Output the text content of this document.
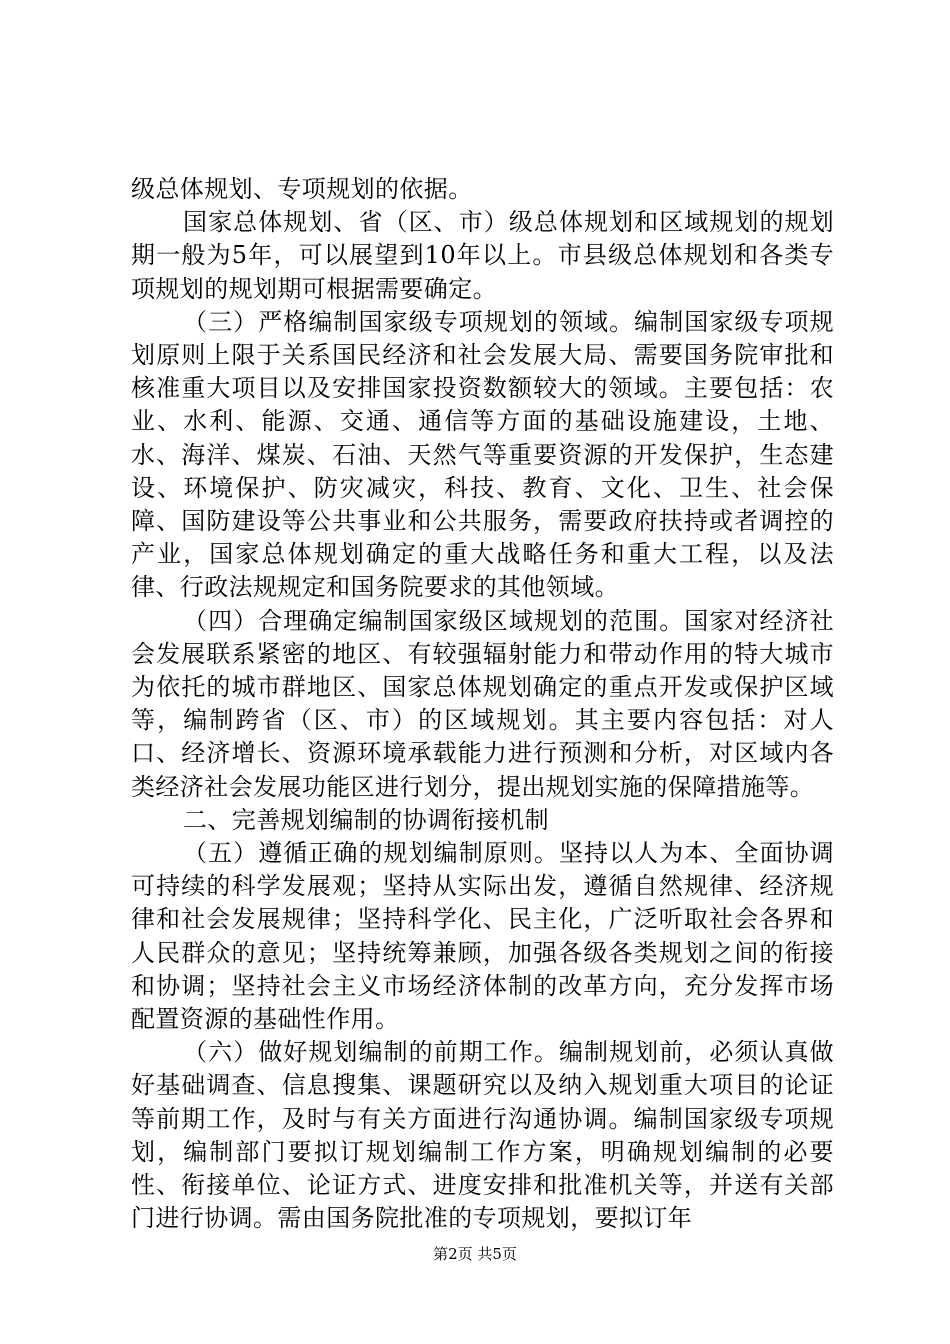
级总体规划、专项规划的依据。

国家总体规划、省（区、市）级总体规划和区域规划的规划期一般为5年，可以展望到10年以上。市县级总体规划和各类专项规划的规划期可根据需要确定。

（三）严格编制国家级专项规划的领域。编制国家级专项规划原则上限于关系国民经济和社会发展大局、需要国务院审批和核准重大项目以及安排国家投资数额较大的领域。主要包括：农业、水利、能源、交通、通信等方面的基础设施建设，土地、水、海洋、煤炭、石油、天然气等重要资源的开发保护，生态建设、环境保护、防灾减灾，科技、教育、文化、卫生、社会保障、国防建设等公共事业和公共服务，需要政府扶持或者调控的产业，国家总体规划确定的重大战略任务和重大工程，以及法律、行政法规规定和国务院要求的其他领域。

（四）合理确定编制国家级区域规划的范围。国家对经济社会发展联系紧密的地区、有较强辐射能力和带动作用的特大城市为依托的城市群地区、国家总体规划确定的重点开发或保护区域等，编制跨省（区、市）的区域规划。其主要内容包括：对人口、经济增长、资源环境承载能力进行预测和分析，对区域内各类经济社会发展功能区进行划分，提出规划实施的保障措施等。

二、完善规划编制的协调衔接机制

（五）遵循正确的规划编制原则。坚持以人为本、全面协调可持续的科学发展观；坚持从实际出发，遵循自然规律、经济规律和社会发展规律；坚持科学化、民主化，广泛听取社会各界和人民群众的意见；坚持统筹兼顾，加强各级各类规划之间的衔接和协调；坚持社会主义市场经济体制的改革方向，充分发挥市场配置资源的基础性作用。

（六）做好规划编制的前期工作。编制规划前，必须认真做好基础调查、信息搜集、课题研究以及纳入规划重大项目的论证等前期工作，及时与有关方面进行沟通协调。编制国家级专项规划，编制部门要拟订规划编制工作方案，明确规划编制的必要性、衔接单位、论证方式、进度安排和批准机关等，并送有关部门进行协调。需由国务院批准的专项规划，要拟订年

第2页 共5页
